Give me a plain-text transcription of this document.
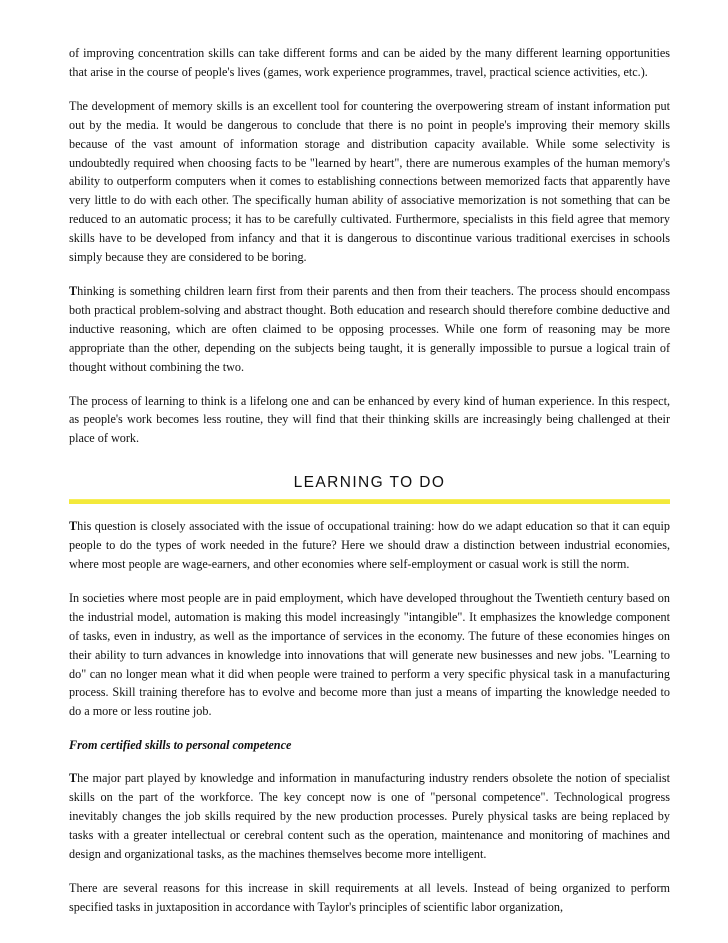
of improving concentration skills can take different forms and can be aided by the many different learning opportunities that arise in the course of people's lives (games, work experience programmes, travel, practical science activities, etc.).

The development of memory skills is an excellent tool for countering the overpowering stream of instant information put out by the media. It would be dangerous to conclude that there is no point in people's improving their memory skills because of the vast amount of information storage and distribution capacity available. While some selectivity is undoubtedly required when choosing facts to be "learned by heart", there are numerous examples of the human memory's ability to outperform computers when it comes to establishing connections between memorized facts that apparently have very little to do with each other. The specifically human ability of associative memorization is not something that can be reduced to an automatic process; it has to be carefully cultivated. Furthermore, specialists in this field agree that memory skills have to be developed from infancy and that it is dangerous to discontinue various traditional exercises in schools simply because they are considered to be boring.

Thinking is something children learn first from their parents and then from their teachers. The process should encompass both practical problem-solving and abstract thought. Both education and research should therefore combine deductive and inductive reasoning, which are often claimed to be opposing processes. While one form of reasoning may be more appropriate than the other, depending on the subjects being taught, it is generally impossible to pursue a logical train of thought without combining the two.

The process of learning to think is a lifelong one and can be enhanced by every kind of human experience. In this respect, as people's work becomes less routine, they will find that their thinking skills are increasingly being challenged at their place of work.

LEARNING TO DO

This question is closely associated with the issue of occupational training: how do we adapt education so that it can equip people to do the types of work needed in the future? Here we should draw a distinction between industrial economies, where most people are wage-earners, and other economies where self-employment or casual work is still the norm.

In societies where most people are in paid employment, which have developed throughout the Twentieth century based on the industrial model, automation is making this model increasingly "intangible". It emphasizes the knowledge component of tasks, even in industry, as well as the importance of services in the economy. The future of these economies hinges on their ability to turn advances in knowledge into innovations that will generate new businesses and new jobs. "Learning to do" can no longer mean what it did when people were trained to perform a very specific physical task in a manufacturing process. Skill training therefore has to evolve and become more than just a means of imparting the knowledge needed to do a more or less routine job.

From certified skills to personal competence

The major part played by knowledge and information in manufacturing industry renders obsolete the notion of specialist skills on the part of the workforce. The key concept now is one of "personal competence". Technological progress inevitably changes the job skills required by the new production processes. Purely physical tasks are being replaced by tasks with a greater intellectual or cerebral content such as the operation, maintenance and monitoring of machines and design and organizational tasks, as the machines themselves become more intelligent.

There are several reasons for this increase in skill requirements at all levels. Instead of being organized to perform specified tasks in juxtaposition in accordance with Taylor's principles of scientific labor organization,
